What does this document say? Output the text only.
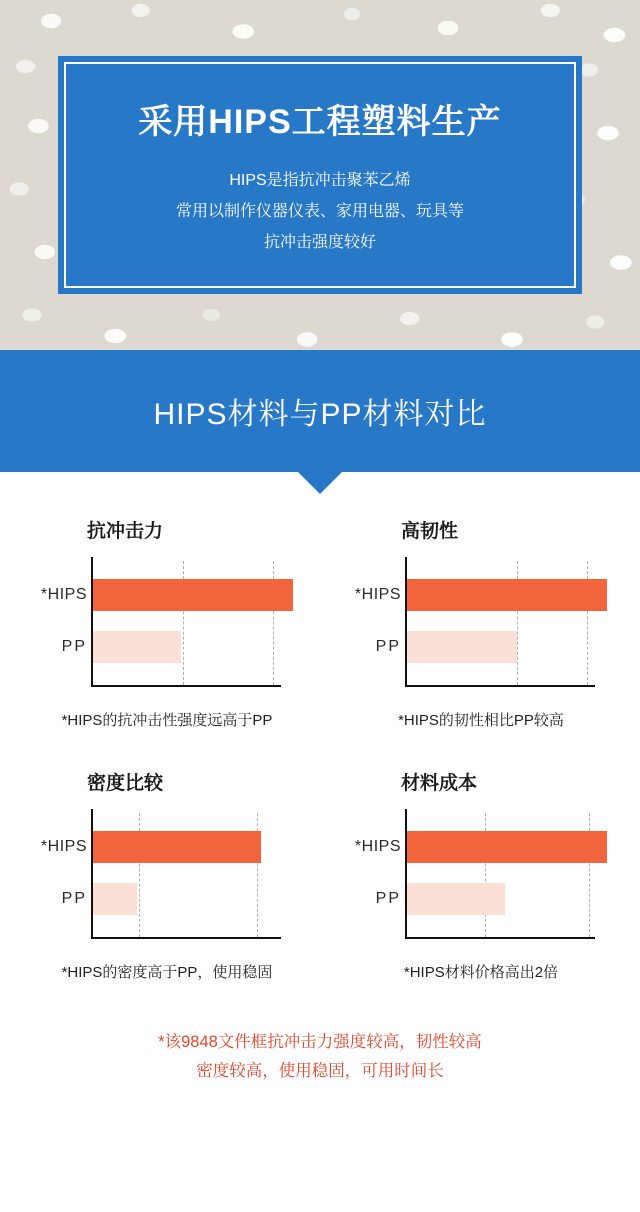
采用HIPS工程塑料生产
HIPS是指抗冲击聚苯乙烯
常用以制作仪器仪表、家用电器、玩具等
抗冲击强度较好
HIPS材料与PP材料对比
抗冲击力
*HIPS
PP
*HIPS的抗冲击性强度远高于PP
高韧性
*HIPS
PP
*HIPS的韧性相比PP较高
密度比较
*HIPS
PP
*HIPS的密度高于PP，使用稳固
材料成本
*HIPS
PP
*HIPS材料价格高出2倍
*该9848文件框抗冲击力强度较高，韧性较高
密度较高，使用稳固，可用时间长
